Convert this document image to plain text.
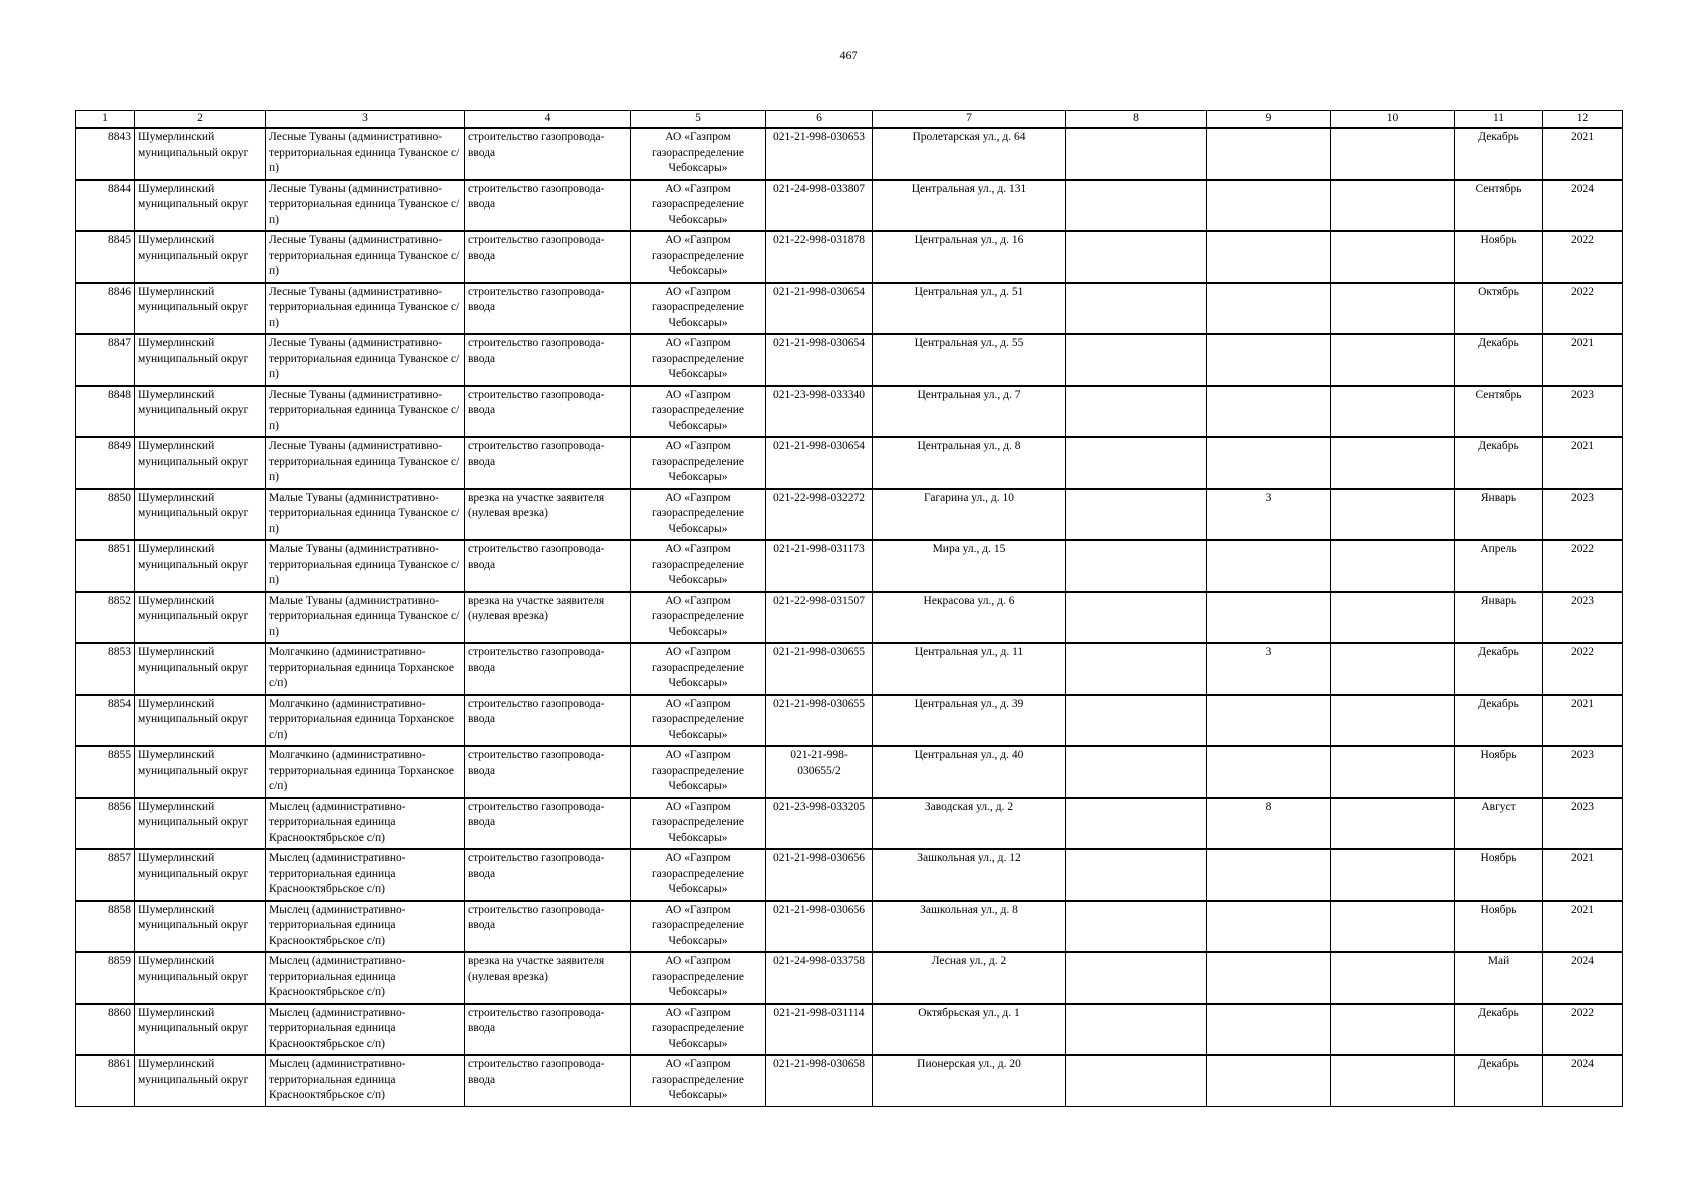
467
1	2	3	4	5	6	7	8	9	10	11	12
8843	Шумерлинский муниципальный округ	Лесные Туваны (административно-территориальная единица Туванское с/п)	строительство газопровода-ввода	АО «Газпром газораспределение Чебоксары»	021-21-998-030653	Пролетарская ул., д. 64				Декабрь	2021
8844	Шумерлинский муниципальный округ	Лесные Туваны (административно-территориальная единица Туванское с/п)	строительство газопровода-ввода	АО «Газпром газораспределение Чебоксары»	021-24-998-033807	Центральная ул., д. 131				Сентябрь	2024
8845	Шумерлинский муниципальный округ	Лесные Туваны (административно-территориальная единица Туванское с/п)	строительство газопровода-ввода	АО «Газпром газораспределение Чебоксары»	021-22-998-031878	Центральная ул., д. 16				Ноябрь	2022
8846	Шумерлинский муниципальный округ	Лесные Туваны (административно-территориальная единица Туванское с/п)	строительство газопровода-ввода	АО «Газпром газораспределение Чебоксары»	021-21-998-030654	Центральная ул., д. 51				Октябрь	2022
8847	Шумерлинский муниципальный округ	Лесные Туваны (административно-территориальная единица Туванское с/п)	строительство газопровода-ввода	АО «Газпром газораспределение Чебоксары»	021-21-998-030654	Центральная ул., д. 55				Декабрь	2021
8848	Шумерлинский муниципальный округ	Лесные Туваны (административно-территориальная единица Туванское с/п)	строительство газопровода-ввода	АО «Газпром газораспределение Чебоксары»	021-23-998-033340	Центральная ул., д. 7				Сентябрь	2023
8849	Шумерлинский муниципальный округ	Лесные Туваны (административно-территориальная единица Туванское с/п)	строительство газопровода-ввода	АО «Газпром газораспределение Чебоксары»	021-21-998-030654	Центральная ул., д. 8				Декабрь	2021
8850	Шумерлинский муниципальный округ	Малые Туваны (административно-территориальная единица Туванское с/п)	врезка на участке заявителя (нулевая врезка)	АО «Газпром газораспределение Чебоксары»	021-22-998-032272	Гагарина ул., д. 10		3		Январь	2023
8851	Шумерлинский муниципальный округ	Малые Туваны (административно-территориальная единица Туванское с/п)	строительство газопровода-ввода	АО «Газпром газораспределение Чебоксары»	021-21-998-031173	Мира ул., д. 15				Апрель	2022
8852	Шумерлинский муниципальный округ	Малые Туваны (административно-территориальная единица Туванское с/п)	врезка на участке заявителя (нулевая врезка)	АО «Газпром газораспределение Чебоксары»	021-22-998-031507	Некрасова ул., д. 6				Январь	2023
8853	Шумерлинский муниципальный округ	Молгачкино (административно-территориальная единица Торханское с/п)	строительство газопровода-ввода	АО «Газпром газораспределение Чебоксары»	021-21-998-030655	Центральная ул., д. 11		3		Декабрь	2022
8854	Шумерлинский муниципальный округ	Молгачкино (административно-территориальная единица Торханское с/п)	строительство газопровода-ввода	АО «Газпром газораспределение Чебоксары»	021-21-998-030655	Центральная ул., д. 39				Декабрь	2021
8855	Шумерлинский муниципальный округ	Молгачкино (административно-территориальная единица Торханское с/п)	строительство газопровода-ввода	АО «Газпром газораспределение Чебоксары»	021-21-998-030655/2	Центральная ул., д. 40				Ноябрь	2023
8856	Шумерлинский муниципальный округ	Мыслец (административно-территориальная единица Краснооктябрьское с/п)	строительство газопровода-ввода	АО «Газпром газораспределение Чебоксары»	021-23-998-033205	Заводская ул., д. 2		8		Август	2023
8857	Шумерлинский муниципальный округ	Мыслец (административно-территориальная единица Краснооктябрьское с/п)	строительство газопровода-ввода	АО «Газпром газораспределение Чебоксары»	021-21-998-030656	Зашкольная ул., д. 12				Ноябрь	2021
8858	Шумерлинский муниципальный округ	Мыслец (административно-территориальная единица Краснооктябрьское с/п)	строительство газопровода-ввода	АО «Газпром газораспределение Чебоксары»	021-21-998-030656	Зашкольная ул., д. 8				Ноябрь	2021
8859	Шумерлинский муниципальный округ	Мыслец (административно-территориальная единица Краснооктябрьское с/п)	врезка на участке заявителя (нулевая врезка)	АО «Газпром газораспределение Чебоксары»	021-24-998-033758	Лесная ул., д. 2				Май	2024
8860	Шумерлинский муниципальный округ	Мыслец (административно-территориальная единица Краснооктябрьское с/п)	строительство газопровода-ввода	АО «Газпром газораспределение Чебоксары»	021-21-998-031114	Октябрьская ул., д. 1				Декабрь	2022
8861	Шумерлинский муниципальный округ	Мыслец (административно-территориальная единица Краснооктябрьское с/п)	строительство газопровода-ввода	АО «Газпром газораспределение Чебоксары»	021-21-998-030658	Пионерская ул., д. 20				Декабрь	2024
